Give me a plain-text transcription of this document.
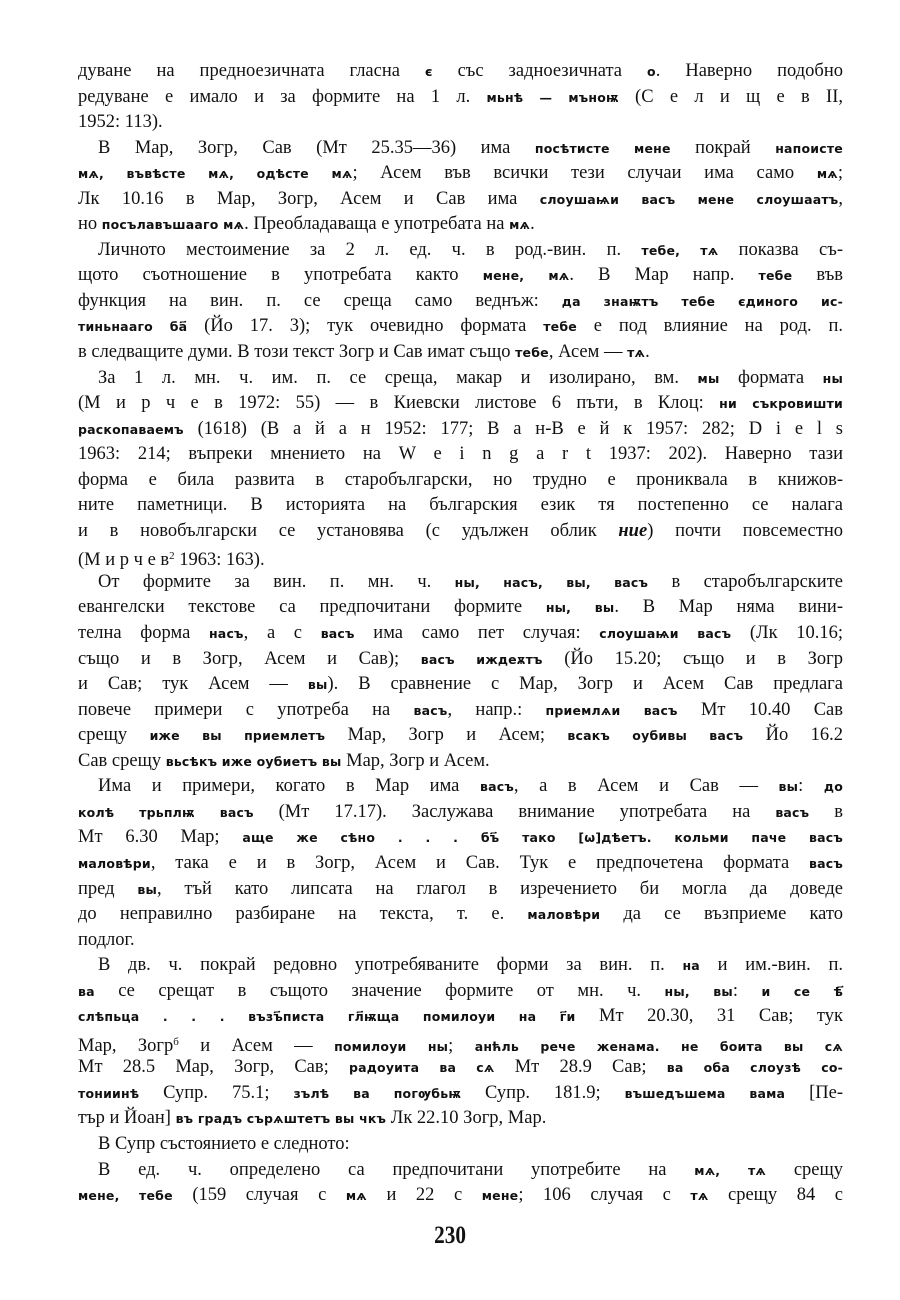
дуване на предноезичната гласна є със задноезичната о. Наверно подобно
редуване е имало и за формите на 1 л. мьнѣ — мъноѭ (С е л и щ е в II,
1952: 113).
В Мар, Зогр, Сав (Мт 25.35—36) има посѣтисте мене покрай напоисте
мѧ, въвѣсте мѧ, одѣсте мѧ; Асем във всички тези случаи има само мѧ;
Лк 10.16 в Мар, Зогр, Асем и Сав има слоушаѩи васъ мене слоушаатъ,
но посълавъшааго мѧ. Преобладаваща е употребата на мѧ.
Личното местоимение за 2 л. ед. ч. в род.-вин. п. тебе, тѧ показва съ-
щото съотношение в употребата както мене, мѧ. В Мар напр. тебе във
функция на вин. п. се среща само веднъж: да знаѭтъ тебе єдиного ис-
тиньнааго ба҃ (Йо 17. 3); тук очевидно формата тебе е под влияние на род. п.
в следващите думи. В този текст Зогр и Сав имат също тебе, Асем — тѧ.
За 1 л. мн. ч. им. п. се среща, макар и изолирано, вм. мы формата ны
(М и р ч е в 1972: 55) — в Киевски листове 6 пъти, в Клоц: ни съкровишти
раскопаваемъ (1618) (В а й а н 1952: 177; В а н-В е й к 1957: 282; D i e l s
1963: 214; въпреки мнението на W e i n g a r t 1937: 202). Наверно тази
форма е била развита в старобългарски, но трудно е прониквала в книжов-
ните паметници. В историята на българския език тя постепенно се налага
и в новобългарски се установява (с удължен облик ние) почти повсеместно
(М и р ч е $в^2$ 1963: 163).
От формите за вин. п. мн. ч. ны, насъ, вы, васъ в старобългарските
евангелски текстове са предпочитани формите ны, вы. В Мар няма вини-
телна форма насъ, а с васъ има само пет случая: слоушаѩи васъ (Лк 10.16;
също и в Зогр, Асем и Сав); васъ иждеѫтъ (Йо 15.20; също и в Зогр
и Сав; тук Асем — вы). В сравнение с Мар, Зогр и Асем Сав предлага
повече примери с употреба на васъ, напр.: приемлѧи васъ Мт 10.40 Сав
срещу иже вы приемлетъ Мар, Зогр и Асем; всакъ оубивы васъ Йо 16.2
Сав срещу вьсѣкъ иже оубиетъ вы Мар, Зогр и Асем.
Има и примери, когато в Мар има васъ, а в Асем и Сав — вы: до
колѣ трьплѭ васъ (Мт 17.17). Заслужава внимание употребата на васъ в
Мт 6.30 Мар; аще же сѣно . . . бъ҃ тако [ѡ]дѣетъ. кольми паче васъ
маловѣри, така е и в Зогр, Асем и Сав. Тук е предпочетена формата васъ
пред вы, тъй като липсата на глагол в изречението би могла да доведе
до неправилно разбиране на текста, т. е. маловѣри да се възприеме като
подлог.
В дв. ч. покрай редовно употребяваните форми за вин. п. на и им.-вин. п.
ва се срещат в същото значение формите от мн. ч. ны, вы: и се ѣ҃
слѣпьца . . . възъ҃писта гл҃ѭща помилоуи на г҃и Мт 20.30, 31 Сав; тук
Мар, Зогр$^б$ и Асем — помилоуи ны; анћль рече женама. не боита вы сѧ
Мт 28.5 Мар, Зогр, Сав; радоуита ва сѧ Мт 28.9 Сав; ва оба слоузѣ со-
тониинѣ Супр. 75.1; зълѣ ва погѹбьѭ Супр. 181.9; въшедъшема вама [Пе-
тър и Йоан] въ градъ сърѧштетъ вы чкъ Лк 22.10 Зогр, Мар.
В Супр състоянието е следното:
В ед. ч. определено са предпочитани употребите на мѧ, тѧ срещу
мене, тебе (159 случая с мѧ и 22 с мене; 106 случая с тѧ срещу 84 с
230
